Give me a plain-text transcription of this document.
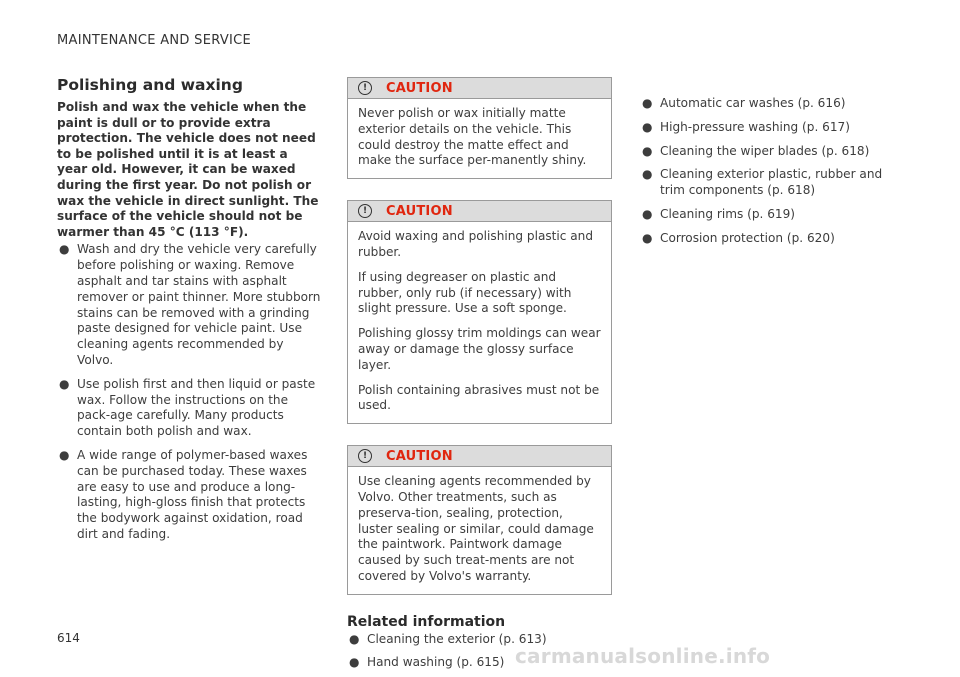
MAINTENANCE AND SERVICE
Polishing and waxing

Polish and wax the vehicle when the paint is dull or to provide extra protection. The vehicle does not need to be polished until it is at least a year old. However, it can be waxed during the first year. Do not polish or wax the vehicle in direct sunlight. The surface of the vehicle should not be warmer than 45 °C (113 °F).

● Wash and dry the vehicle very carefully before polishing or waxing. Remove asphalt and tar stains with asphalt remover or paint thinner. More stubborn stains can be removed with a grinding paste designed for vehicle paint. Use cleaning agents recommended by Volvo.
● Use polish first and then liquid or paste wax. Follow the instructions on the pack-age carefully. Many products contain both polish and wax.
● A wide range of polymer-based waxes can be purchased today. These waxes are easy to use and produce a long-lasting, high-gloss finish that protects the bodywork against oxidation, road dirt and fading.
!	CAUTION

Never polish or wax initially matte exterior details on the vehicle. This could destroy the matte effect and make the surface per-manently shiny.

!	CAUTION

Avoid waxing and polishing plastic and rubber.

If using degreaser on plastic and rubber, only rub (if necessary) with slight pressure. Use a soft sponge.

Polishing glossy trim moldings can wear away or damage the glossy surface layer.

Polish containing abrasives must not be used.

!	CAUTION

Use cleaning agents recommended by Volvo. Other treatments, such as preserva-tion, sealing, protection, luster sealing or similar, could damage the paintwork. Paintwork damage caused by such treat-ments are not covered by Volvo's warranty.

Related information
● Cleaning the exterior (p. 613)
● Hand washing (p. 615)
● Automatic car washes (p. 616)
● High-pressure washing (p. 617)
● Cleaning the wiper blades (p. 618)
● Cleaning exterior plastic, rubber and trim components (p. 618)
● Cleaning rims (p. 619)
● Corrosion protection (p. 620)
614
carmanualsonline.info
